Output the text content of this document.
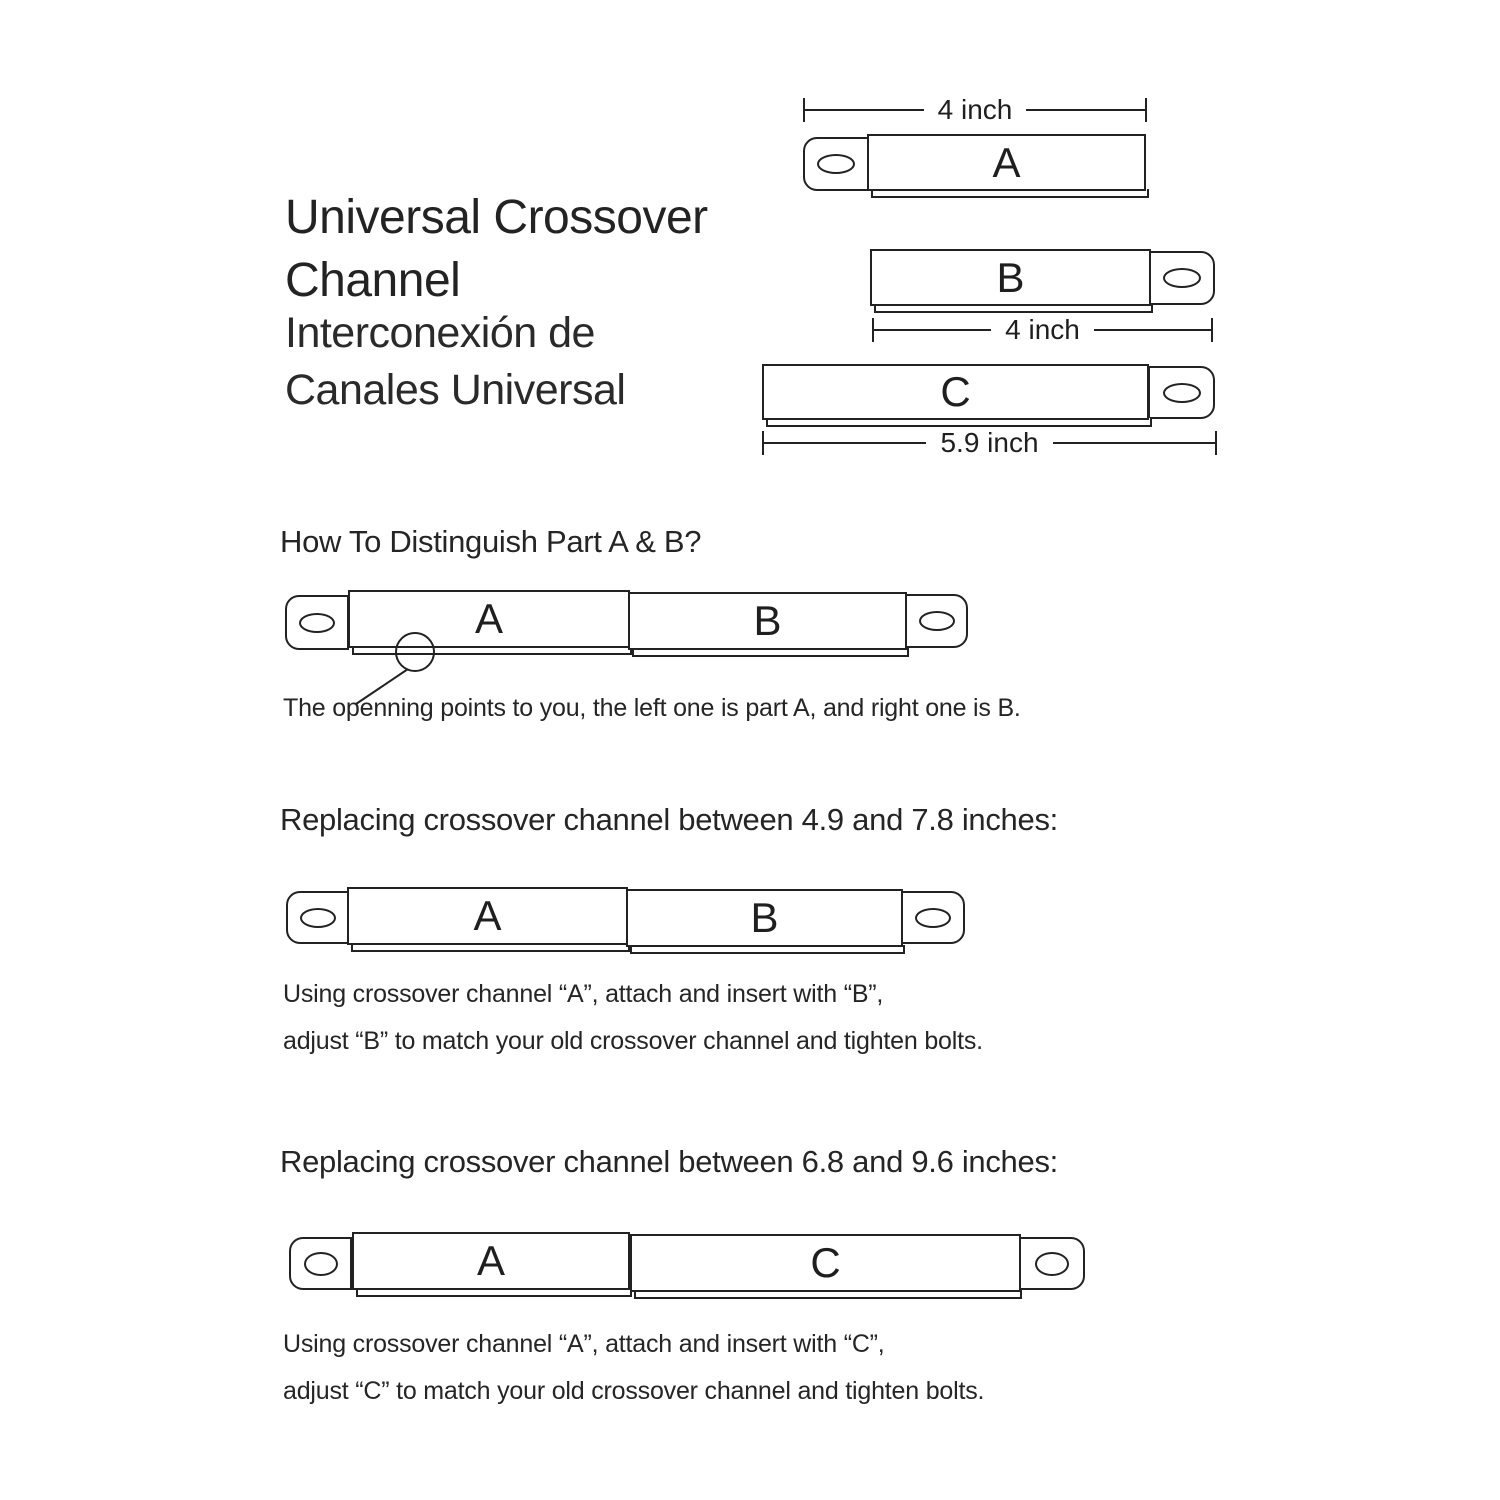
Universal Crossover
Channel
Interconexión de
Canales Universal
4 inch
A
B
4 inch
C
5.9 inch
How To Distinguish Part A & B?
A	B
The openning points to you, the left one is part A, and right one is B.
Replacing crossover channel between 4.9 and 7.8 inches:
A	B
Using crossover channel “A”, attach and insert with “B”,
adjust “B” to match your old crossover channel and tighten bolts.
Replacing crossover channel between 6.8 and 9.6 inches:
A	C
Using crossover channel “A”, attach and insert with “C”,
adjust “C” to match your old crossover channel and tighten bolts.
